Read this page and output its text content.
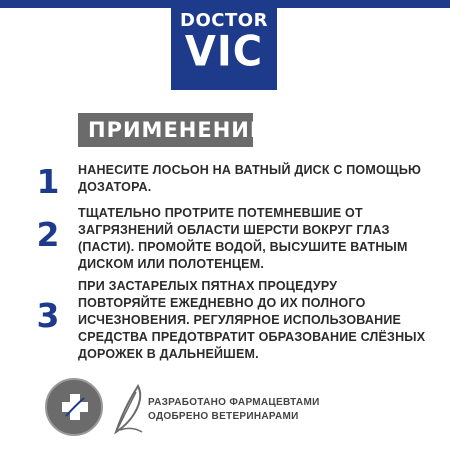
DOCTOR
VIC
ПРИМЕНЕНИЕ:
1	НАНЕСИТЕ ЛОСЬОН НА ВАТНЫЙ ДИСК С ПОМОЩЬЮ ДОЗАТОРА.
2
ТЩАТЕЛЬНО ПРОТРИТЕ ПОТЕМНЕВШИЕ ОТ ЗАГРЯЗНЕНИЙ ОБЛАСТИ ШЕРСТИ ВОКРУГ ГЛАЗ (ПАСТИ). ПРОМОЙТЕ ВОДОЙ, ВЫСУШИТЕ ВАТНЫМ ДИСКОМ ИЛИ ПОЛОТЕНЦЕМ.
3
ПРИ ЗАСТАРЕЛЫХ ПЯТНАХ ПРОЦЕДУРУ ПОВТОРЯЙТЕ ЕЖЕДНЕВНО ДО ИХ ПОЛНОГО ИСЧЕЗНОВЕНИЯ. РЕГУЛЯРНОЕ ИСПОЛЬЗОВАНИЕ СРЕДСТВА ПРЕДОТВРАТИТ ОБРАЗОВАНИЕ СЛЁЗНЫХ ДОРОЖЕК В ДАЛЬНЕЙШЕМ.
РАЗРАБОТАНО ФАРМАЦЕВТАМИ
ОДОБРЕНО ВЕТЕРИНАРАМИ
